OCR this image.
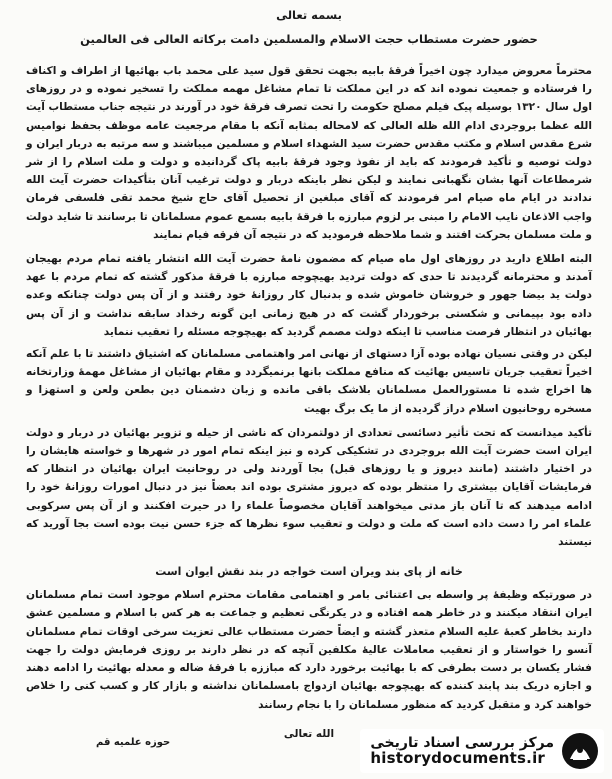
بسمه تعالی
حضور حضرت مستطاب حجت الاسلام والمسلمین دامت برکاته العالی فی العالمین

محترماً معروض میدارد چون اخیراً فرقهٔ بابیه بجهت تحقق قول سید علی محمد باب بهائیها از اطراف و اکناف را فرستاده و جمعیت نموده اند که در این مملکت تا تمام مشاغل مهمه مملکت را تسخیر نموده و در روزهای اول سال ۱۳۲۰ بوسیله پیک فیلم مصلح حکومت را تحت تصرف فرقهٔ خود در آورند در نتیجه جناب مستطاب آیت الله عظما بروجردی ادام الله ظله العالی که لامحاله بمثابه آنکه با مقام مرجعیت عامه موظف بحفظ نوامیس شرع مقدس اسلام و مکتب مقدس حضرت سید الشهداء اسلام و مسلمین میباشند و سه مرتبه به دربار ایران و دولت توصیه و تأکید فرمودند که باید از نفوذ وجود فرقهٔ بابیه پاک گردانیده و دولت و ملت اسلام را از شر شرمطاعات آنها بشان نگهبانی نمایند و لیکن نظر باینکه دربار و دولت ترغیب آنان بتأکیدات حضرت آیت الله ندادند در ایام ماه صیام امر فرمودند که آقای مبلغین از تحصیل آقای حاج شیخ محمد تقی فلسفی فرمان واجب الاذعان نایب الامام را مبنی بر لزوم مبارزه با فرقهٔ بابیه بسمع عموم مسلمانان تا برسانند تا شاید دولت و ملت مسلمان بحرکت افتند و شما ملاحظه فرمودید که در نتیجه آن فرقه فیام نمایند

البته اطلاع دارید در روزهای اول ماه صیام که مضمون نامهٔ حضرت آیت الله انتشار یافته تمام مردم بهیجان آمدند و محترمانه گردیدند تا حدی که دولت تردید بهیچوجه مبارزه با فرقهٔ مذکور گشته که تمام مردم با عهد دولت ید بیضا جهور و خروشان خاموش شده و بدنبال کار روزانهٔ خود رفتند و از آن پس دولت چنانکه وعده داده بود بپیمانی و شکستی برخوردار گشت که در هیچ زمانی این گونه رخداد سابقه نداشت و از آن پس بهائیان در انتظار فرصت مناسب تا اینکه دولت مصمم گردید که بهیچوجه مسئله را تعقیب ننماید

لیکن در وقتی نسیان نهاده بوده آزا دستهای از نهانی امر واهتمامی مسلمانان که اشتیاق داشتند تا با علم آنکه اخیراً تعقیب جریان تاسیس بهائیت که منافع مملکت بانها برنمیگردد و مقام بهائیان از مشاغل مهمهٔ وزارتخانه ها اخراج شده تا مستورالعمل مسلمانان بلاشک باقی مانده و زبان دشمنان دین بطعن ولعن و استهزا و مسخره روحانیون اسلام دراز گردیده از ما یک برگ بهیت

تأکید میدانست که تحت تأثیر دسائسی تعدادی از دولتمردان که ناشی از حیله و تزویر بهائیان در دربار و دولت ایران است حضرت آیت الله بروجردی در تشکیکی کرده و نیز اینکه تمام امور در شهرها و خواسته هایشان را در اختیار داشتند (مانند دیروز و یا روزهای قبل) بجا آوردند ولی در روحانیت ایران بهائیان در انتظار که فرمایشات آقایان بیشتری را منتظر بوده که دیروز مشتری بوده اند بعضاً نیز در دنبال امورات روزانهٔ خود را ادامه میدهند که تا آنان باز مدتی میخواهند آقایان مخصوصاً علماء را در حیرت افکنند و از آن پس سرکوبی علماء امر را دست داده است که ملت و دولت و تعقیب سوء نظرها که جزء حسن نیت بوده است بجا آورید که نیستند

خانه از پای بند ویران است خواجه در بند نقش ایوان است

در صورتیکه وظیفهٔ پر واسطه بی اعتنائی بامر و اهتمامی مقامات محترم اسلام موجود است تمام مسلمانان ایران انتقاد میکنند و در خاطر همه افتاده و در یکرنگی تعظیم و جماعت به هر کس با اسلام و مسلمین عشق دارند بخاطر کعبهٔ علیه السلام متعذر گشته و ایضاً حضرت مستطاب عالی تعزیت سرخی اوقات تمام مسلمانان آنسو را خواستار و از تعقیب معاملات عالیهٔ مکلفین آنچه که در نظر دارند بر روزی فرمایش دولت را جهت فشار یکسان بر دست بطرفی که با بهائیت برخورد دارد که مباززه با فرقهٔ ضاله و معدله بهائیت را ادامه دهند و اجازه دریک بند پابند کننده که بهیچوجه بهائیان ازدواج بامسلمانان نداشته و بازار کار و کسب کنی را خلاص خواهند کرد و متقبل کردید که منظور مسلمانان را با نجام رسانند

الله تعالی
حوزه علمیه قم	مرکز بررسی اسناد تاریخی
historydocuments.ir
